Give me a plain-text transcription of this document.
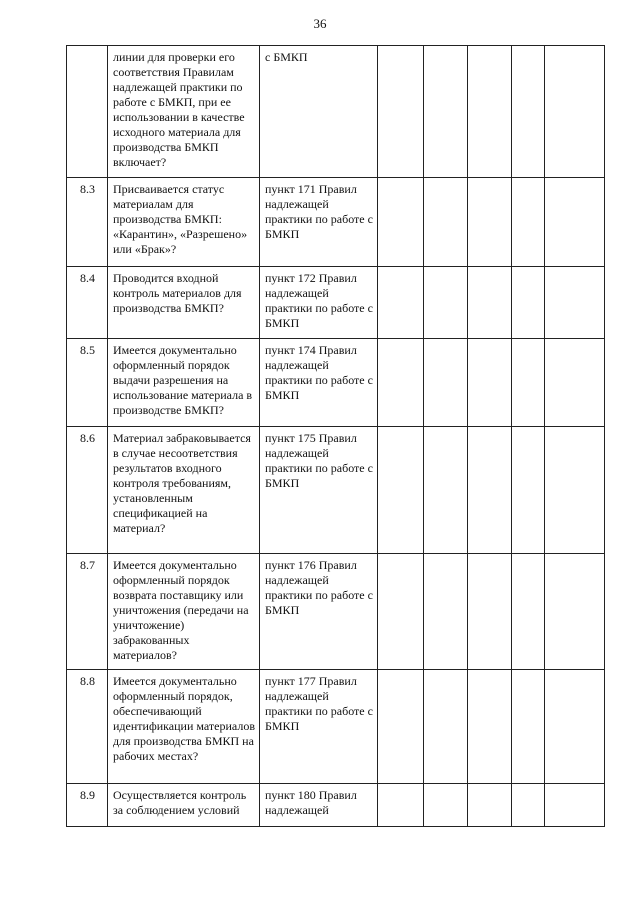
36
	линии для проверки его соответствия Правилам надлежащей практики по работе с БМКП, при ее использовании в качестве исходного материала для производства БМКП включает?	с БМКП					
8.3	Присваивается статус материалам для производства БМКП: «Карантин», «Разрешено» или «Брак»?	пункт 171 Правил надлежащей практики по работе с БМКП					
8.4	Проводится входной контроль материалов для производства БМКП?	пункт 172 Правил надлежащей практики по работе с БМКП					
8.5	Имеется документально оформленный порядок выдачи разрешения на использование материала в производстве БМКП?	пункт 174 Правил надлежащей практики по работе с БМКП					
8.6	Материал забраковывается в случае несоответствия результатов входного контроля требованиям, установленным спецификацией на материал?	пункт 175 Правил надлежащей практики по работе с БМКП					
8.7	Имеется документально оформленный порядок возврата поставщику или уничтожения (передачи на уничтожение) забракованных материалов?	пункт 176 Правил надлежащей практики по работе с БМКП					
8.8	Имеется документально оформленный порядок, обеспечивающий идентификации материалов для производства БМКП на рабочих местах?	пункт 177 Правил надлежащей практики по работе с БМКП					
8.9	Осуществляется контроль за соблюдением условий	пункт 180 Правил надлежащей					
